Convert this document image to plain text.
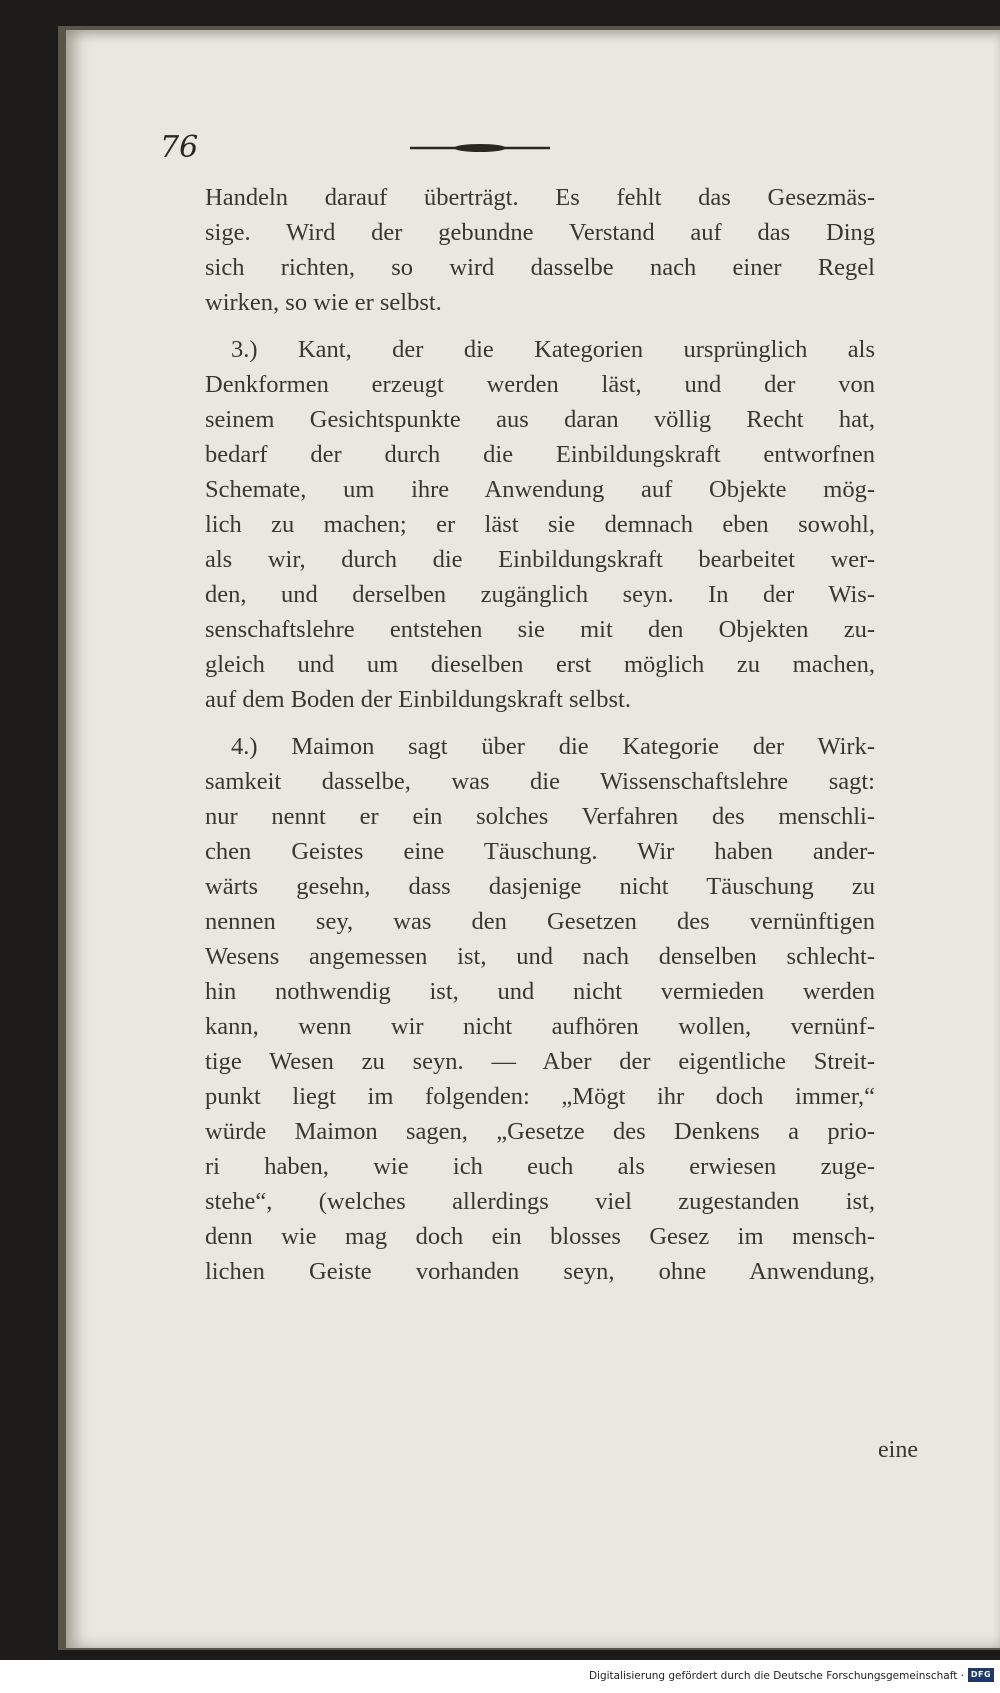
76
Handeln darauf überträgt. Es fehlt das Gesezmäs-
sige. Wird der gebundne Verstand auf das Ding
sich richten, so wird dasselbe nach einer Regel
wirken, so wie er selbst.
3.) Kant, der die Kategorien ursprünglich als
Denkformen erzeugt werden läst, und der von
seinem Gesichtspunkte aus daran völlig Recht hat,
bedarf der durch die Einbildungskraft entworfnen
Schemate, um ihre Anwendung auf Objekte mög-
lich zu machen; er läst sie demnach eben sowohl,
als wir, durch die Einbildungskraft bearbeitet wer-
den, und derselben zugänglich seyn. In der Wis-
senschaftslehre entstehen sie mit den Objekten zu-
gleich und um dieselben erst möglich zu machen,
auf dem Boden der Einbildungskraft selbst.
4.) Maimon sagt über die Kategorie der Wirk-
samkeit dasselbe, was die Wissenschaftslehre sagt:
nur nennt er ein solches Verfahren des menschli-
chen Geistes eine Täuschung. Wir haben ander-
wärts gesehn, dass dasjenige nicht Täuschung zu
nennen sey, was den Gesetzen des vernünftigen
Wesens angemessen ist, und nach denselben schlecht-
hin nothwendig ist, und nicht vermieden werden
kann, wenn wir nicht aufhören wollen, vernünf-
tige Wesen zu seyn. — Aber der eigentliche Streit-
punkt liegt im folgenden: „Mögt ihr doch immer,“
würde Maimon sagen, „Gesetze des Denkens a prio-
ri haben, wie ich euch als erwiesen zuge-
stehe“, (welches allerdings viel zugestanden ist,
denn wie mag doch ein blosses Gesez im mensch-
lichen Geiste vorhanden seyn, ohne Anwendung,
eine
Digitalisierung gefördert durch die Deutsche Forschungsgemeinschaft · DFG
